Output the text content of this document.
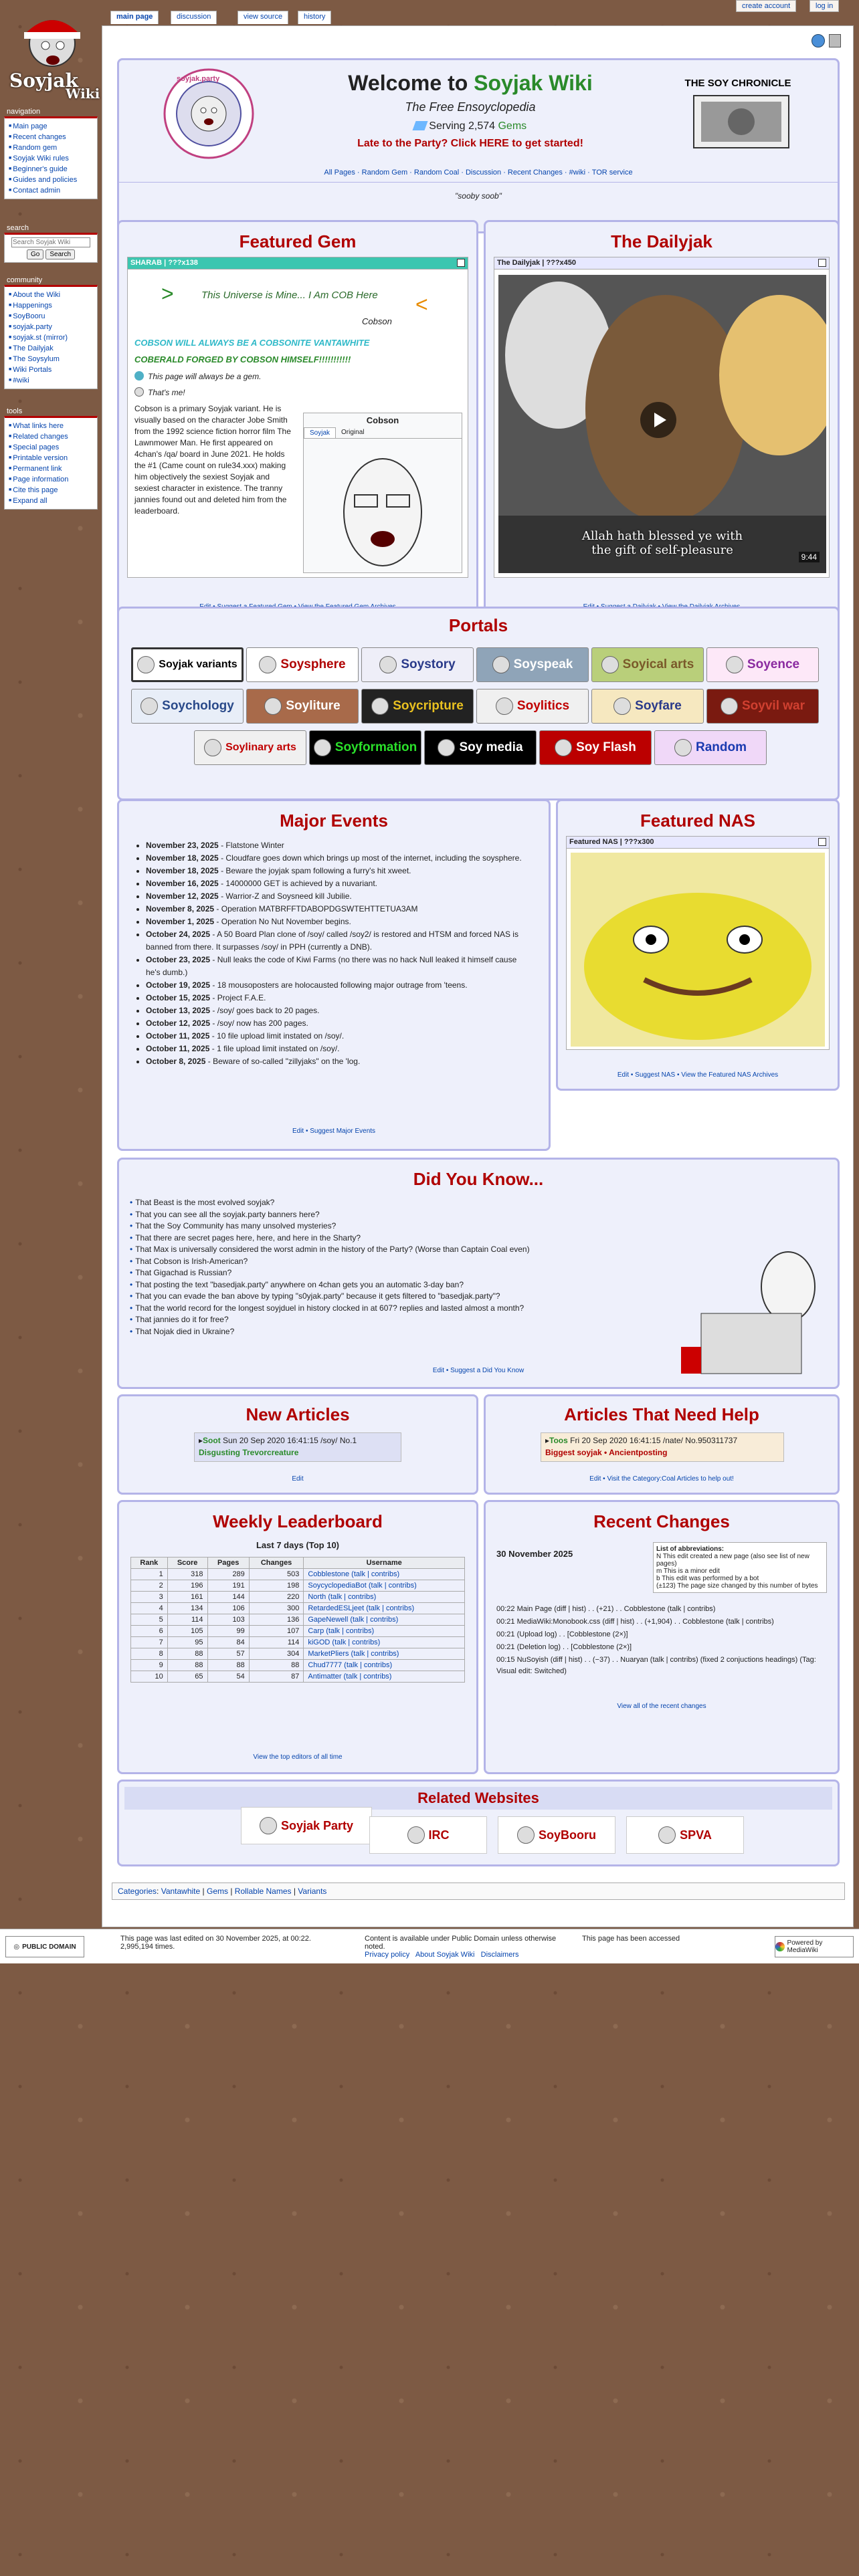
main page	discussion	view source	history
create account	log in
Soyjak
Wiki
navigation
■ Main page
■ Recent changes
■ Random gem
■ Soyjak Wiki rules
■ Beginner's guide
■ Guides and policies
■ Contact admin
search
Search Soyjak Wiki
Go Search
community
■ About the Wiki
■ Happenings
■ SoyBooru
■ soyjak.party
■ soyjak.st (mirror)
■ The Dailyjak
■ The Soysylum
■ Wiki Portals
■ #wiki
tools
■ What links here
■ Related changes
■ Special pages
■ Printable version
■ Permanent link
■ Page information
■ Cite this page
■ Expand all
soyjak.party	Welcome to Soyjak Wiki
The Free Ensoyclopedia
Serving 2,574 Gems
Late to the Party? Click HERE to get started!
THE SOY CHRONICLE
All Pages · Random Gem · Random Coal · Discussion · Recent Changes · #wiki · TOR service
"sooby soob"
Featured Gem
SHARAB | ???x138
>	This Universe is Mine... I Am COB Here <
Cobson
COBSON WILL ALWAYS BE A COBSONITE VANTAWHITE
COBERALD FORGED BY COBSON HIMSELF!!!!!!!!!!!
This page will always be a gem.
That's me!
Cobson is a primary Soyjak variant. He is visually based on the character Jobe Smith from the 1992 science fiction horror film The Lawnmower Man. He first appeared on 4chan's /qa/ board in June 2021. He holds the #1 (Came count on rule34.xxx) making him objectively the sexiest Soyjak and sexiest character in existence. The tranny jannies found out and deleted him from the leaderboard.
Cobson
Soyjak	Original
The Dailyjak
The Dailyjak | ???x450
Allah hath blessed ye with
the gift of self-pleasure	9:44
Portals
Soyjak variants	Soysphere	Soystory	Soyspeak	Soyical arts	Soyence
Soychology	Soyliture	Soycripture	Soylitics	Soyfare	Soyvil war
Soylinary arts	Soyformation	Soy media	Soy Flash	Random
Major Events
• November 23, 2025 - Flatstone Winter
• November 18, 2025 - Cloudfare goes down which brings up most of the internet, including the soysphere.
• November 18, 2025 - Beware the joyjak spam following a furry's hit xweet.
• November 16, 2025 - 14000000 GET is achieved by a nuvariant.
• November 12, 2025 - Warrior-Z and Soysneed kill Jubilie.
• November 8, 2025 - Operation MATBRFFTDABOPDGSWTEHTTETUA3AM
• November 1, 2025 - Operation No Nut November begins.
• October 24, 2025 - A 50 Board Plan clone of /soy/ called /soy2/ is restored and HTSM and forced NAS is banned from there. It surpasses /soy/ in PPH (currently a DNB).
• October 23, 2025 - Null leaks the code of Kiwi Farms (no there was no hack Null leaked it himself cause he's dumb.)
• October 19, 2025 - 18 mousoposters are holocausted following major outrage from 'teens.
• October 15, 2025 - Project F.A.E.
• October 13, 2025 - /soy/ goes back to 20 pages.
• October 12, 2025 - /soy/ now has 200 pages.
• October 11, 2025 - 10 file upload limit instated on /soy/.
• October 11, 2025 - 1 file upload limit instated on /soy/.
• October 8, 2025 - Beware of so-called "zillyjaks" on the 'log.
Edit • Suggest Major Events
Featured NAS
Featured NAS | ???x300
Edit • Suggest NAS • View the Featured NAS Archives
Did You Know...
• That Beast is the most evolved soyjak?
• That you can see all the soyjak.party banners here?
• That the Soy Community has many unsolved mysteries?
• That there are secret pages here, here, and here in the Sharty?
• That Max is universally considered the worst admin in the history of the Party? (Worse than Captain Coal even)
• That Cobson is Irish-American?
• That Gigachad is Russian?
• That posting the text "basedjak.party" anywhere on 4chan gets you an automatic 3-day ban?
• That you can evade the ban above by typing "s0yjak.party" because it gets filtered to "basedjak.party"?
• That the world record for the longest soyjduel in history clocked in at 607? replies and lasted almost a month?
• That jannies do it for free?
• That Nojak died in Ukraine?
Edit • Suggest a Did You Know
New Articles
▸Soot Sun 20 Sep 2020 16:41:15 /soy/ No.1
Disgusting Trevorcreature
Edit
Articles That Need Help
▸Toos Fri 20 Sep 2020 16:41:15 /nate/ No.950311737
Biggest soyjak • Ancientposting
Edit • Visit the Category:Coal Articles to help out!
Weekly Leaderboard
Last 7 days (Top 10)
Rank	Score	Pages	Changes	Username
1	318	289	503	Cobblestone (talk | contribs)
2	196	191	198	SoycyclopediaBot (talk | contribs)
3	161	144	220	North (talk | contribs)
4	134	106	300	RetardedESLjeet (talk | contribs)
5	114	103	136	GapeNewell (talk | contribs)
6	105	99	107	Carp (talk | contribs)
7	95	84	114	kiGOD (talk | contribs)
8	88	57	304	MarketPliers (talk | contribs)
9	88	88	88	Chud7777 (talk | contribs)
10	65	54	87	Antimatter (talk | contribs)
View the top editors of all time
Recent Changes
30 November 2025	List of abbreviations:
N This edit created a new page (also see list of new pages)
m This is a minor edit
b This edit was performed by a bot
(±123) The page size changed by this number of bytes
00:22 Main Page (diff | hist) . . (+21) . . Cobblestone (talk | contribs)
00:21 MediaWiki:Monobook.css (diff | hist) . . (+1,904) . . Cobblestone (talk | contribs)
00:21 (Upload log) . . [Cobblestone (2×)]
00:21 (Deletion log) . . [Cobblestone (2×)]
00:15 NuSoyish (diff | hist) . . (−37) . . Nuaryan (talk | contribs) (fixed 2 conjuctions headings) (Tag: Visual edit: Switched)
View all of the recent changes
Related Websites
Soyjak Party
IRC	SoyBooru	SPVA
Categories: Vantawhite | Gems | Rollable Names | Variants
◎ PUBLIC DOMAIN
This page was last edited on 30 November 2025, at 00:22.
2,995,194 times.
Content is available under Public Domain unless otherwise noted.
Privacy policy About Soyjak Wiki Disclaimers
This page has been accessed
Powered by MediaWiki
